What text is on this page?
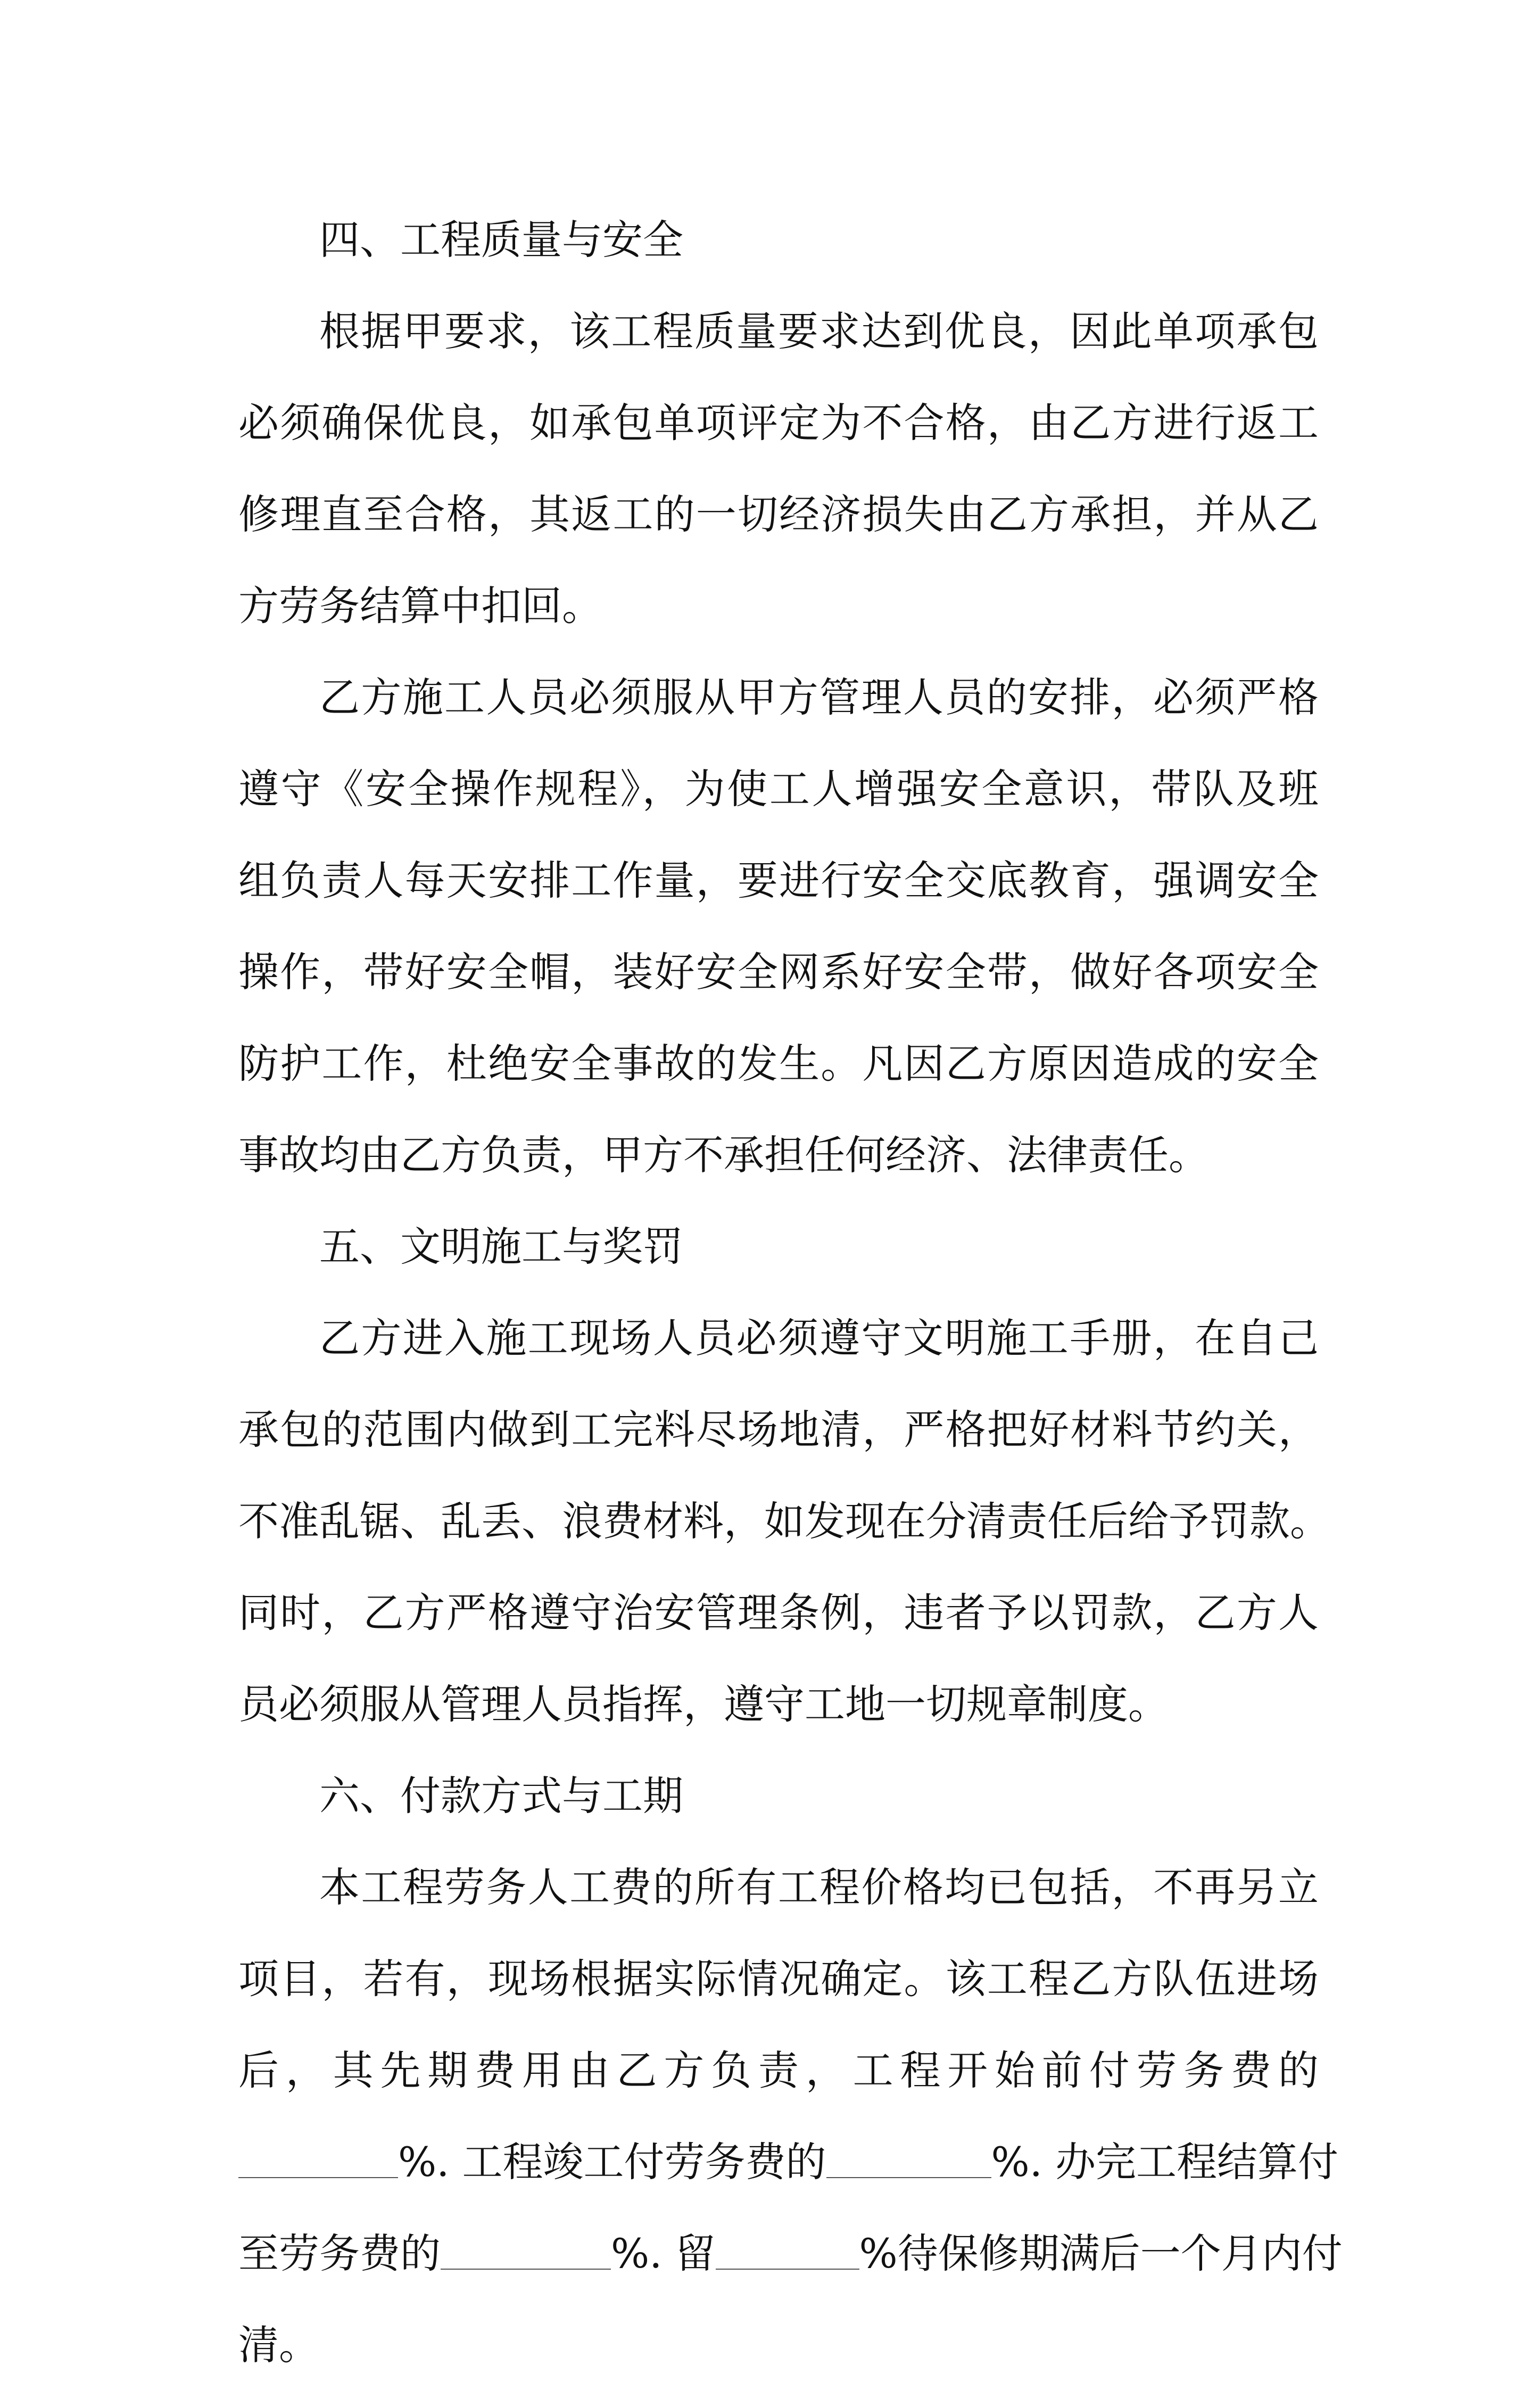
四、工程质量与安全
根据甲要求，该工程质量要求达到优良，因此单项承包
必须确保优良，如承包单项评定为不合格，由乙方进行返工
修理直至合格，其返工的一切经济损失由乙方承担，并从乙
方劳务结算中扣回。
乙方施工人员必须服从甲方管理人员的安排，必须严格
遵守《安全操作规程》，为使工人增强安全意识，带队及班
组负责人每天安排工作量，要进行安全交底教育，强调安全
操作，带好安全帽，装好安全网系好安全带，做好各项安全
防护工作，杜绝安全事故的发生。凡因乙方原因造成的安全
事故均由乙方负责，甲方不承担任何经济、法律责任。
五、文明施工与奖罚
乙方进入施工现场人员必须遵守文明施工手册，在自己
承包的范围内做到工完料尽场地清，严格把好材料节约关，
不准乱锯、乱丢、浪费材料，如发现在分清责任后给予罚款。
同时，乙方严格遵守治安管理条例，违者予以罚款，乙方人
员必须服从管理人员指挥，遵守工地一切规章制度。
六、付款方式与工期
本工程劳务人工费的所有工程价格均已包括，不再另立
项目，若有，现场根据实际情况确定。该工程乙方队伍进场
后，其先期费用由乙方负责，工程开始前付劳务费的
%. 工程竣工付劳务费的	%. 办完工程结算付
至劳务费的	%. 留	%待保修期满后一个月内付
清。
